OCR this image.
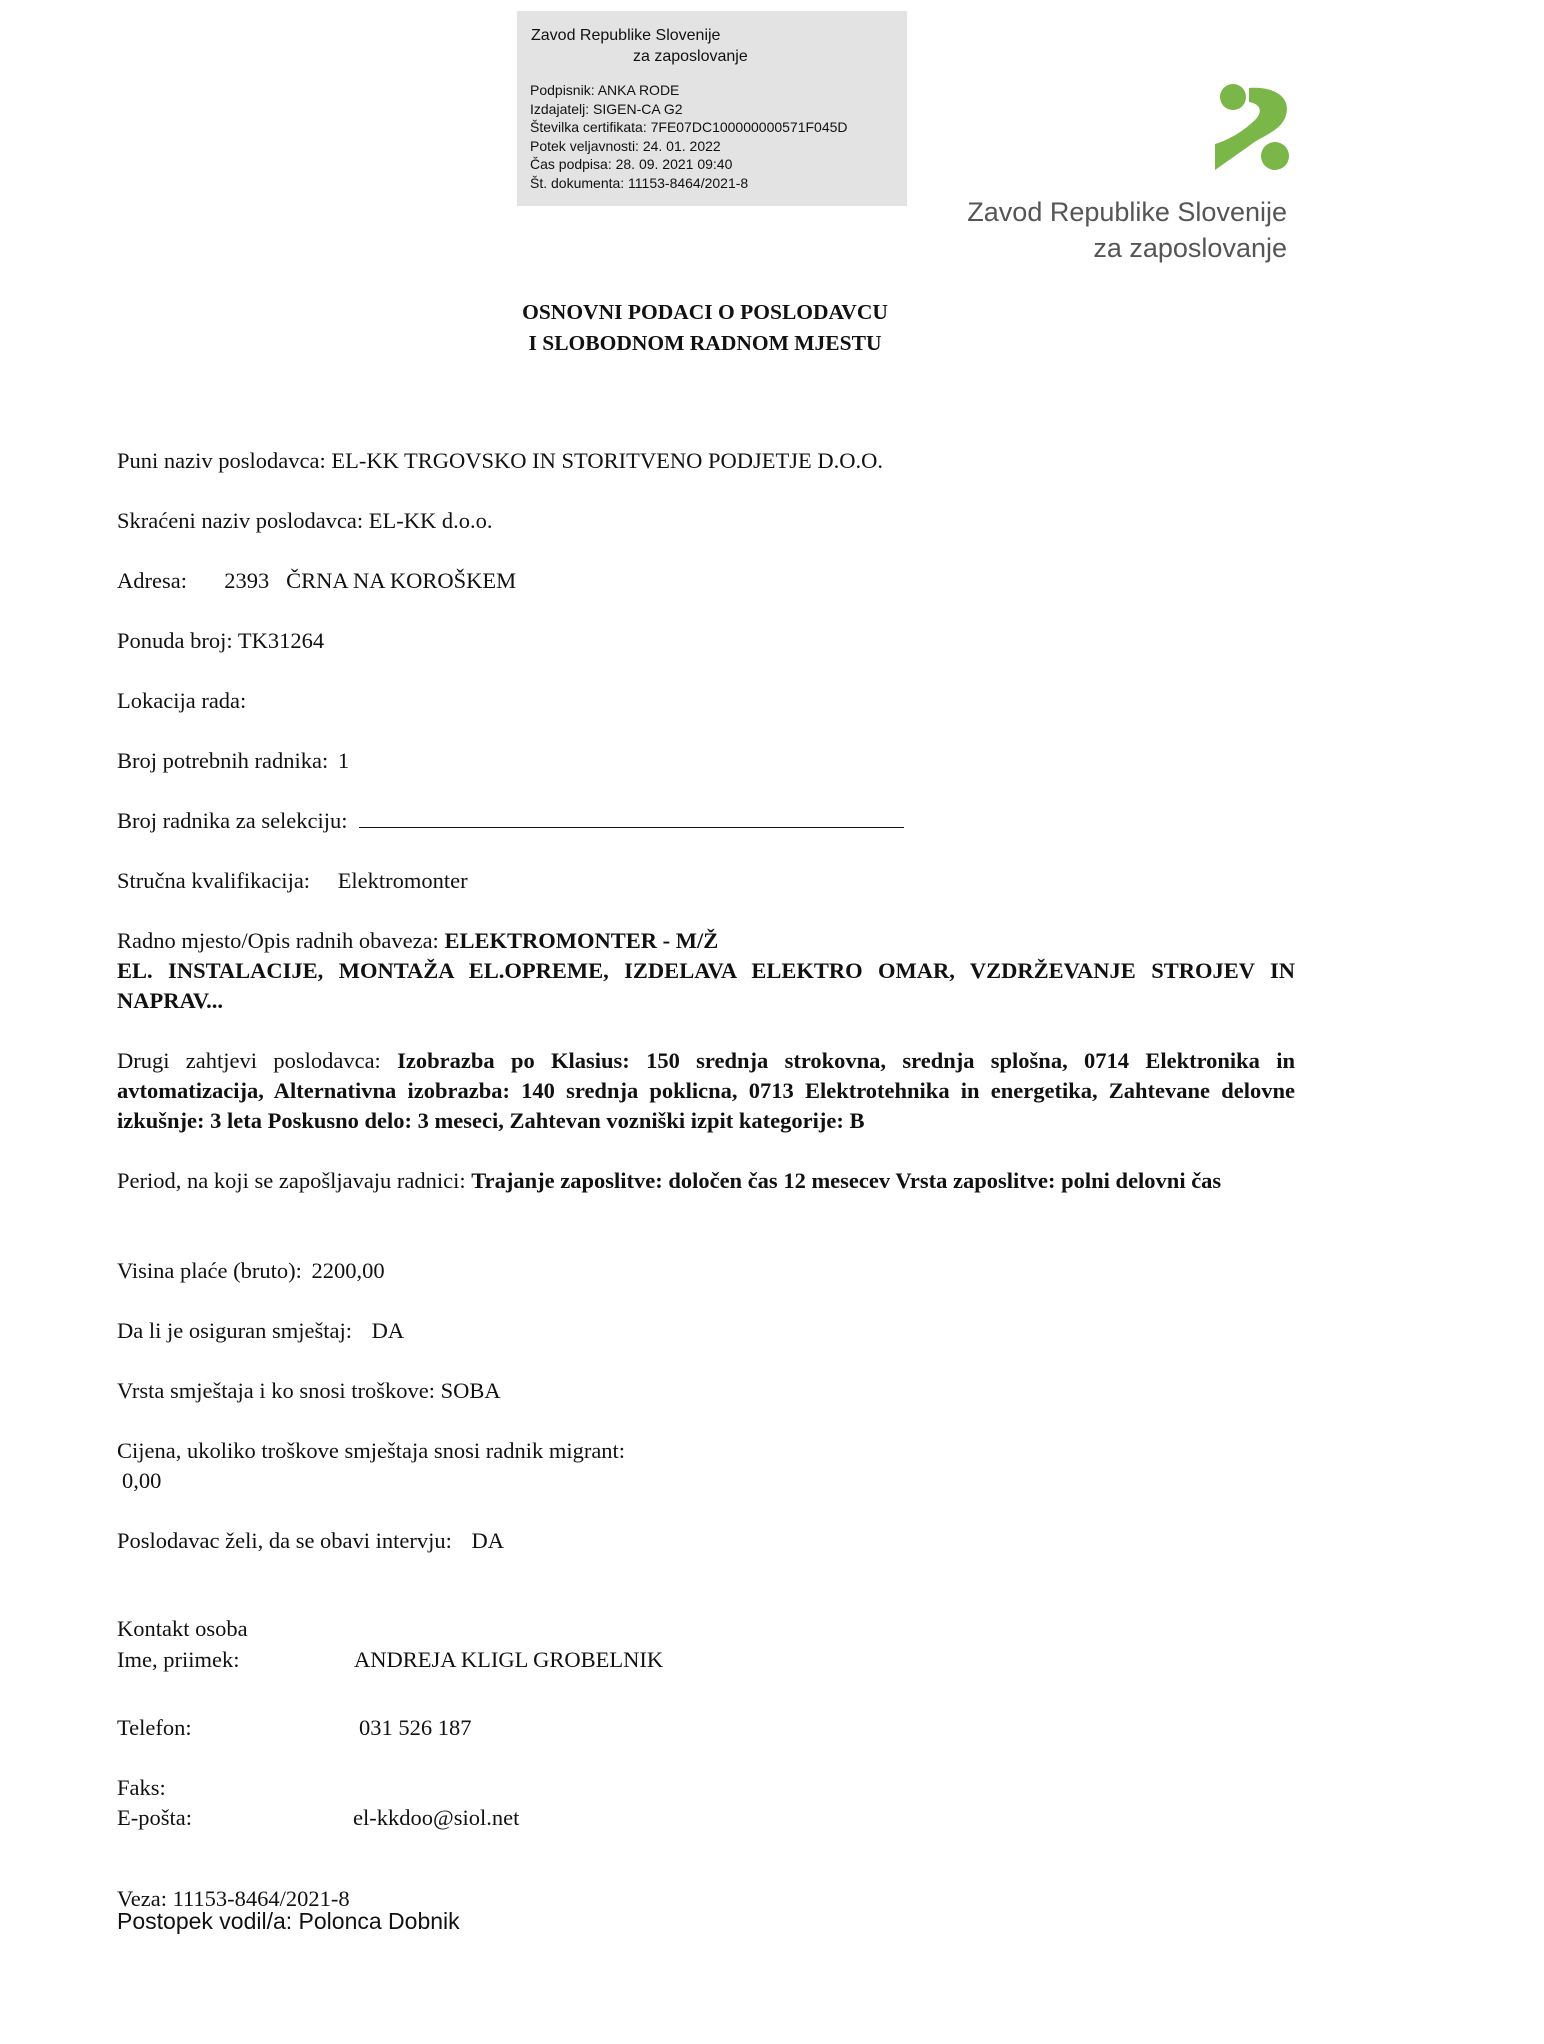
Zavod Republike Slovenije
za zaposlovanje
Podpisnik: ANKA RODE
Izdajatelj: SIGEN-CA G2
Številka certifikata: 7FE07DC100000000571F045D
Potek veljavnosti: 24. 01. 2022
Čas podpisa: 28. 09. 2021 09:40
Št. dokumenta: 11153-8464/2021-8
Zavod Republike Slovenije
za zaposlovanje
OSNOVNI PODACI O POSLODAVCU
I SLOBODNOM RADNOM MJESTU
Puni naziv poslodavca: EL-KK TRGOVSKO IN STORITVENO PODJETJE D.O.O.
Skraćeni naziv poslodavca: EL-KK d.o.o.
Adresa: 2393   ČRNA NA KOROŠKEM
Ponuda broj: TK31264
Lokacija rada:
Broj potrebnih radnika: 1
Broj radnika za selekciju:
Stručna kvalifikacija: Elektromonter
Radno mjesto/Opis radnih obaveza: ELEKTROMONTER - M/Ž
EL. INSTALACIJE, MONTAŽA EL.OPREME, IZDELAVA ELEKTRO OMAR, VZDRŽEVANJE STROJEV IN NAPRAV...
Drugi zahtjevi poslodavca: Izobrazba po Klasius: 150 srednja strokovna, srednja splošna, 0714 Elektronika in avtomatizacija, Alternativna izobrazba: 140 srednja poklicna, 0713 Elektrotehnika in energetika, Zahtevane delovne izkušnje: 3 leta Poskusno delo: 3 meseci, Zahtevan vozniški izpit kategorije: B
Period, na koji se zapošljavaju radnici: Trajanje zaposlitve: določen čas 12 mesecev Vrsta zaposlitve: polni delovni čas
Visina plaće (bruto): 2200,00
Da li je osiguran smještaj: DA
Vrsta smještaja i ko snosi troškove: SOBA
Cijena, ukoliko troškove smještaja snosi radnik migrant:
0,00
Poslodavac želi, da se obavi intervju: DA
Kontakt osoba
Ime, priimek:	ANDREJA KLIGL GROBELNIK
Telefon:	031 526 187
Faks:
E-pošta:	el-kkdoo@siol.net
Veza: 11153-8464/2021-8
Postopek vodil/a: Polonca Dobnik
